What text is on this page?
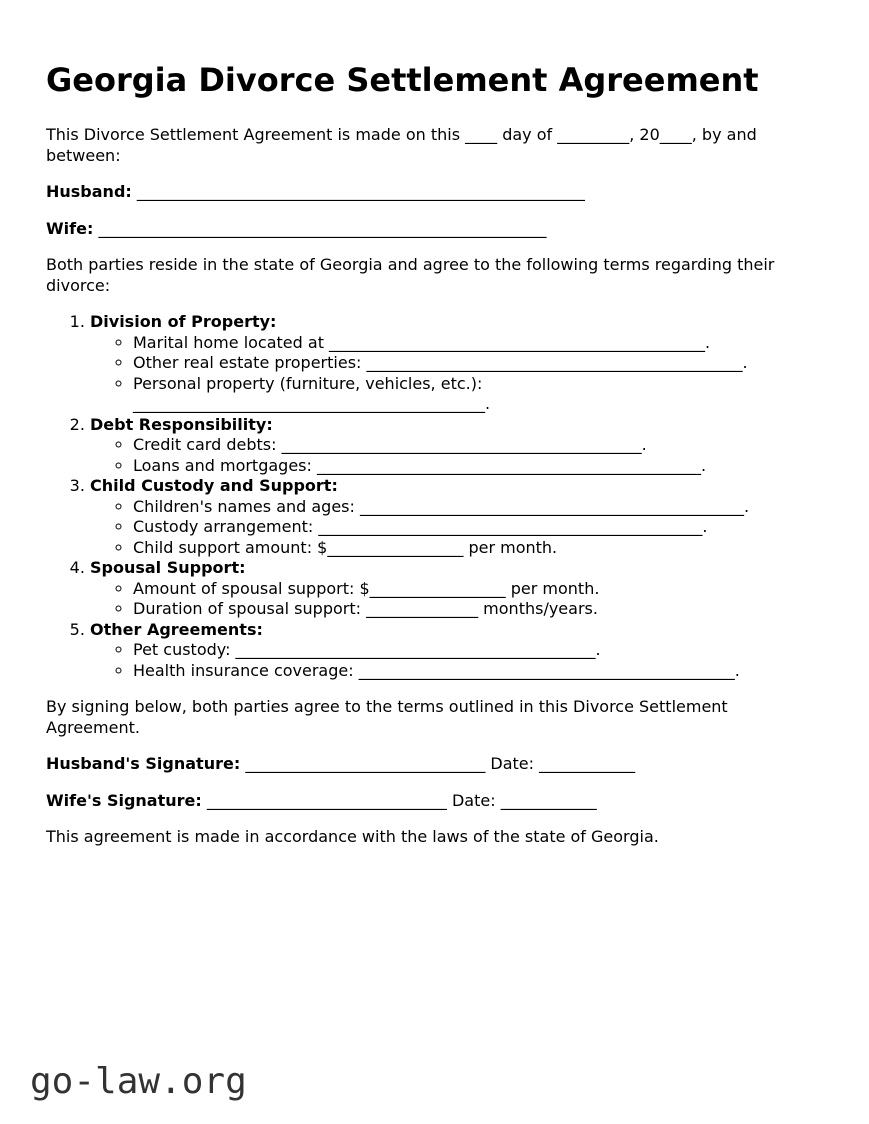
Georgia Divorce Settlement Agreement

This Divorce Settlement Agreement is made on this ____ day of _________, 20____, by and between:

Husband: ________________________________________________________

Wife: ________________________________________________________

Both parties reside in the state of Georgia and agree to the following terms regarding their divorce:

1. Division of Property:
◦ Marital home located at _______________________________________________.
◦ Other real estate properties: _______________________________________________.
◦ Personal property (furniture, vehicles, etc.): ____________________________________________.
2. Debt Responsibility:
◦ Credit card debts: _____________________________________________.
◦ Loans and mortgages: ________________________________________________.
3. Child Custody and Support:
◦ Children's names and ages: ________________________________________________.
◦ Custody arrangement: ________________________________________________.
◦ Child support amount: $_________________ per month.
4. Spousal Support:
◦ Amount of spousal support: $_________________ per month.
◦ Duration of spousal support: ______________ months/years.
5. Other Agreements:
◦ Pet custody: _____________________________________________.
◦ Health insurance coverage: _______________________________________________.

By signing below, both parties agree to the terms outlined in this Divorce Settlement Agreement.

Husband's Signature: ______________________________ Date: ____________

Wife's Signature: ______________________________ Date: ____________

This agreement is made in accordance with the laws of the state of Georgia.

go-law.org
